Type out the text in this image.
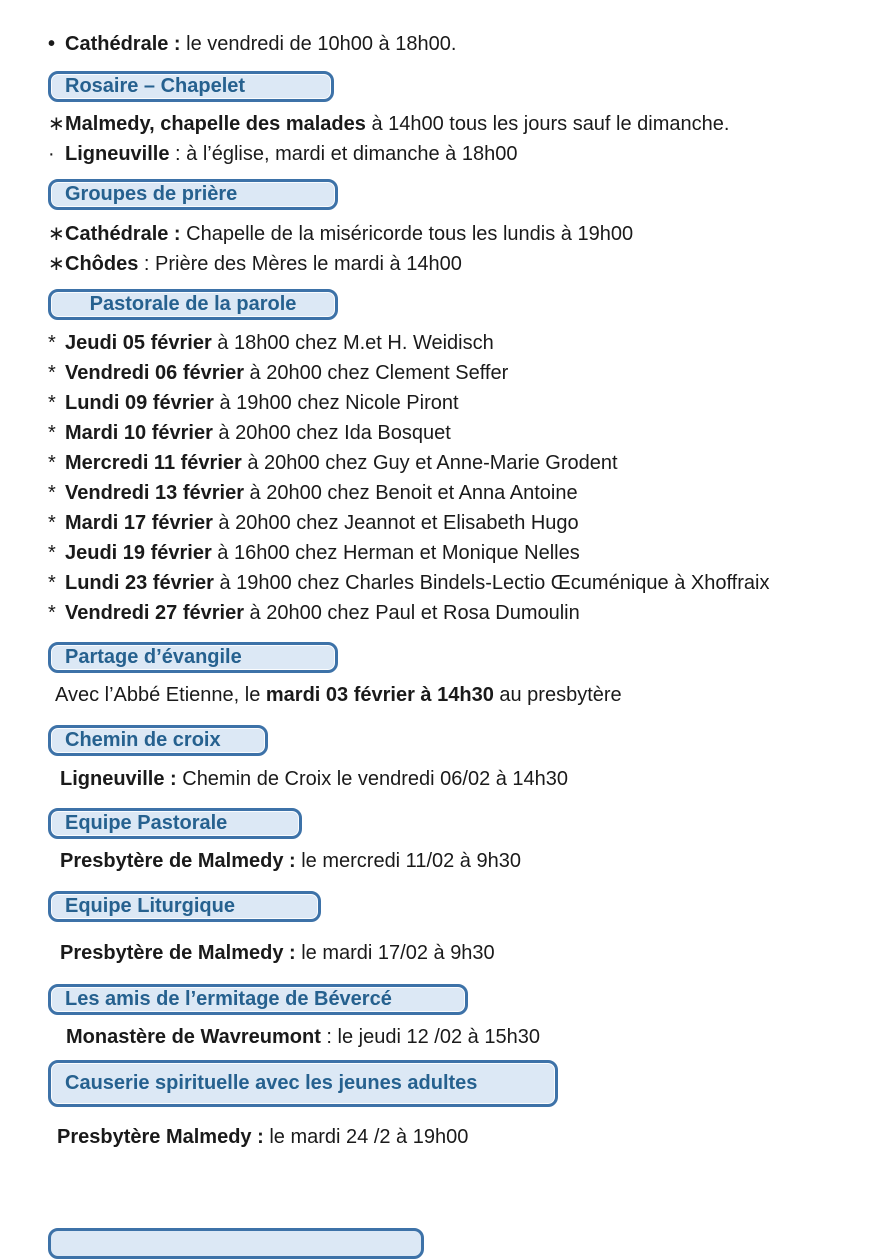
• Cathédrale : le vendredi de 10h00 à 18h00.
Rosaire – Chapelet
∗Malmedy, chapelle des malades à 14h00 tous les jours sauf le dimanche.
· Ligneuville : à l’église, mardi et dimanche à 18h00
Groupes de prière
∗Cathédrale : Chapelle de la miséricorde tous les lundis à 19h00
∗Chôdes : Prière des Mères le mardi à 14h00
Pastorale de la parole
* Jeudi 05 février à 18h00 chez M.et H. Weidisch
* Vendredi 06 février à 20h00 chez Clement Seffer
* Lundi 09 février à 19h00 chez Nicole Piront
* Mardi 10 février à 20h00 chez Ida Bosquet
* Mercredi 11 février à 20h00 chez Guy et Anne-Marie Grodent
* Vendredi 13 février à 20h00 chez Benoit et Anna Antoine
* Mardi 17 février à 20h00 chez Jeannot et Elisabeth Hugo
* Jeudi 19 février à 16h00 chez Herman et Monique Nelles
* Lundi 23 février à 19h00 chez Charles Bindels-Lectio Œcuménique à Xhoffraix
* Vendredi 27 février à 20h00 chez Paul et Rosa Dumoulin
Partage d’évangile
Avec l’Abbé Etienne, le mardi 03 février à 14h30 au presbytère
Chemin de croix
Ligneuville : Chemin de Croix le vendredi 06/02 à 14h30
Equipe Pastorale
Presbytère de Malmedy : le mercredi 11/02 à 9h30
Equipe Liturgique
Presbytère de Malmedy : le mardi 17/02 à 9h30
Les amis de l’ermitage de Bévercé
Monastère de Wavreumont : le jeudi 12 /02 à 15h30
Causerie spirituelle avec les jeunes adultes
Presbytère Malmedy : le mardi 24 /2 à 19h00
